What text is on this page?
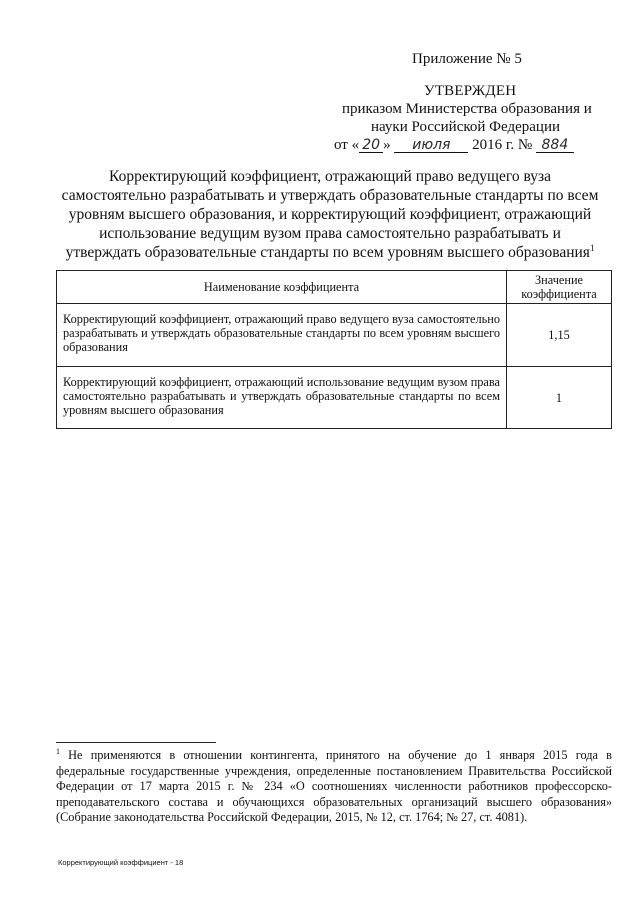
Приложение № 5
УТВЕРЖДЕН
приказом Министерства образования и
науки Российской Федерации
от « 20 » июля 2016 г. № 884
Корректирующий коэффициент, отражающий право ведущего вуза самостоятельно разрабатывать и утверждать образовательные стандарты по всем уровням высшего образования, и корректирующий коэффициент, отражающий использование ведущим вузом права самостоятельно разрабатывать и утверждать образовательные стандарты по всем уровням высшего образования$^1$
Наименование коэффициента	Значение коэффициента
Корректирующий коэффициент, отражающий право ведущего вуза самостоятельно разрабатывать и утверждать образовательные стандарты по всем уровням высшего образования	1,15
Корректирующий коэффициент, отражающий использование ведущим вузом права самостоятельно разрабатывать и утверждать образовательные стандарты по всем уровням высшего образования	1
$^1$ Не применяются в отношении контингента, принятого на обучение до 1 января 2015 года в федеральные государственные учреждения, определенные постановлением Правительства Российской Федерации от 17 марта 2015 г. № 234 «О соотношениях численности работников профессорско-преподавательского состава и обучающихся образовательных организаций высшего образования» (Собрание законодательства Российской Федерации, 2015, № 12, ст. 1764; № 27, ст. 4081).
Корректирующий коэффициент - 18
